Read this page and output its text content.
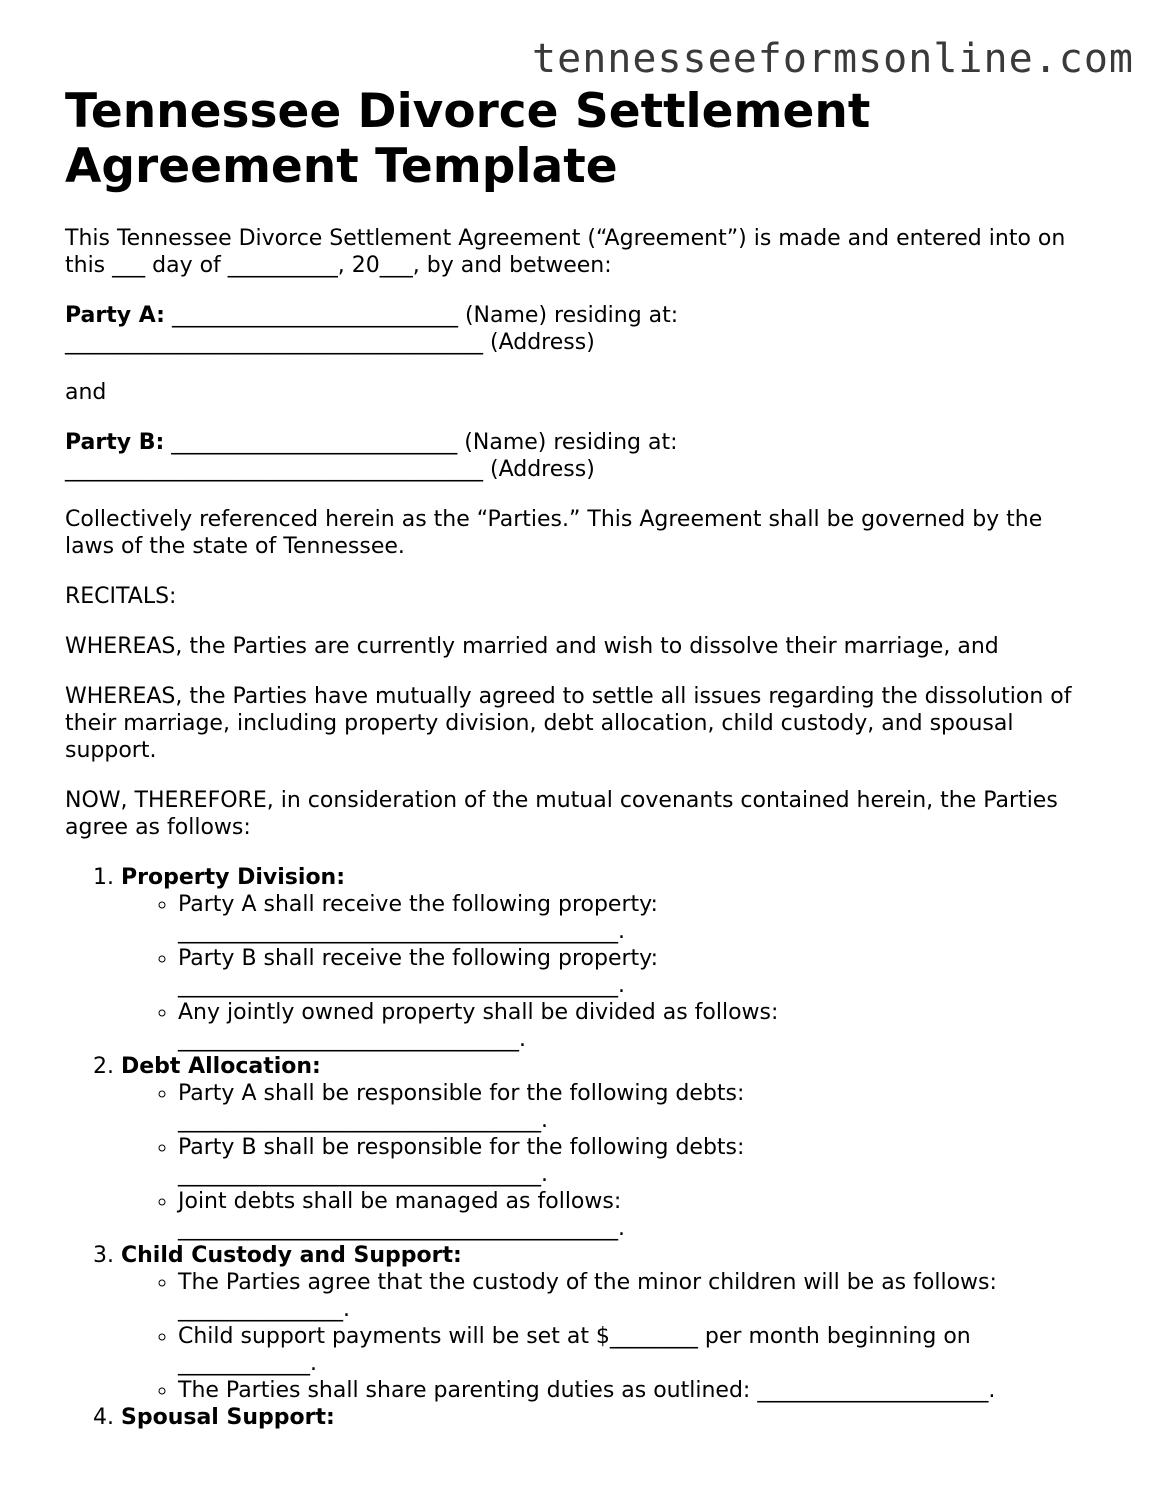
tennesseeformsonline.com
Tennessee Divorce Settlement
Agreement Template

This Tennessee Divorce Settlement Agreement (“Agreement”) is made and entered into on
this ___ day of __________, 20___, by and between:

Party A: __________________________ (Name) residing at:
______________________________________ (Address)

and

Party B: __________________________ (Name) residing at:
______________________________________ (Address)

Collectively referenced herein as the “Parties.” This Agreement shall be governed by the
laws of the state of Tennessee.

RECITALS:

WHEREAS, the Parties are currently married and wish to dissolve their marriage, and

WHEREAS, the Parties have mutually agreed to settle all issues regarding the dissolution of
their marriage, including property division, debt allocation, child custody, and spousal
support.

NOW, THEREFORE, in consideration of the mutual covenants contained herein, the Parties
agree as follows:

1. Property Division:
◦ Party A shall receive the following property:
________________________________________.
◦ Party B shall receive the following property:
________________________________________.
◦ Any jointly owned property shall be divided as follows:
_______________________________.
2. Debt Allocation:
◦ Party A shall be responsible for the following debts:
_________________________________.
◦ Party B shall be responsible for the following debts:
_________________________________.
◦ Joint debts shall be managed as follows:
________________________________________.
3. Child Custody and Support:
◦ The Parties agree that the custody of the minor children will be as follows:
_______________.
◦ Child support payments will be set at $________ per month beginning on
____________.
◦ The Parties shall share parenting duties as outlined: _____________________.
4. Spousal Support:
